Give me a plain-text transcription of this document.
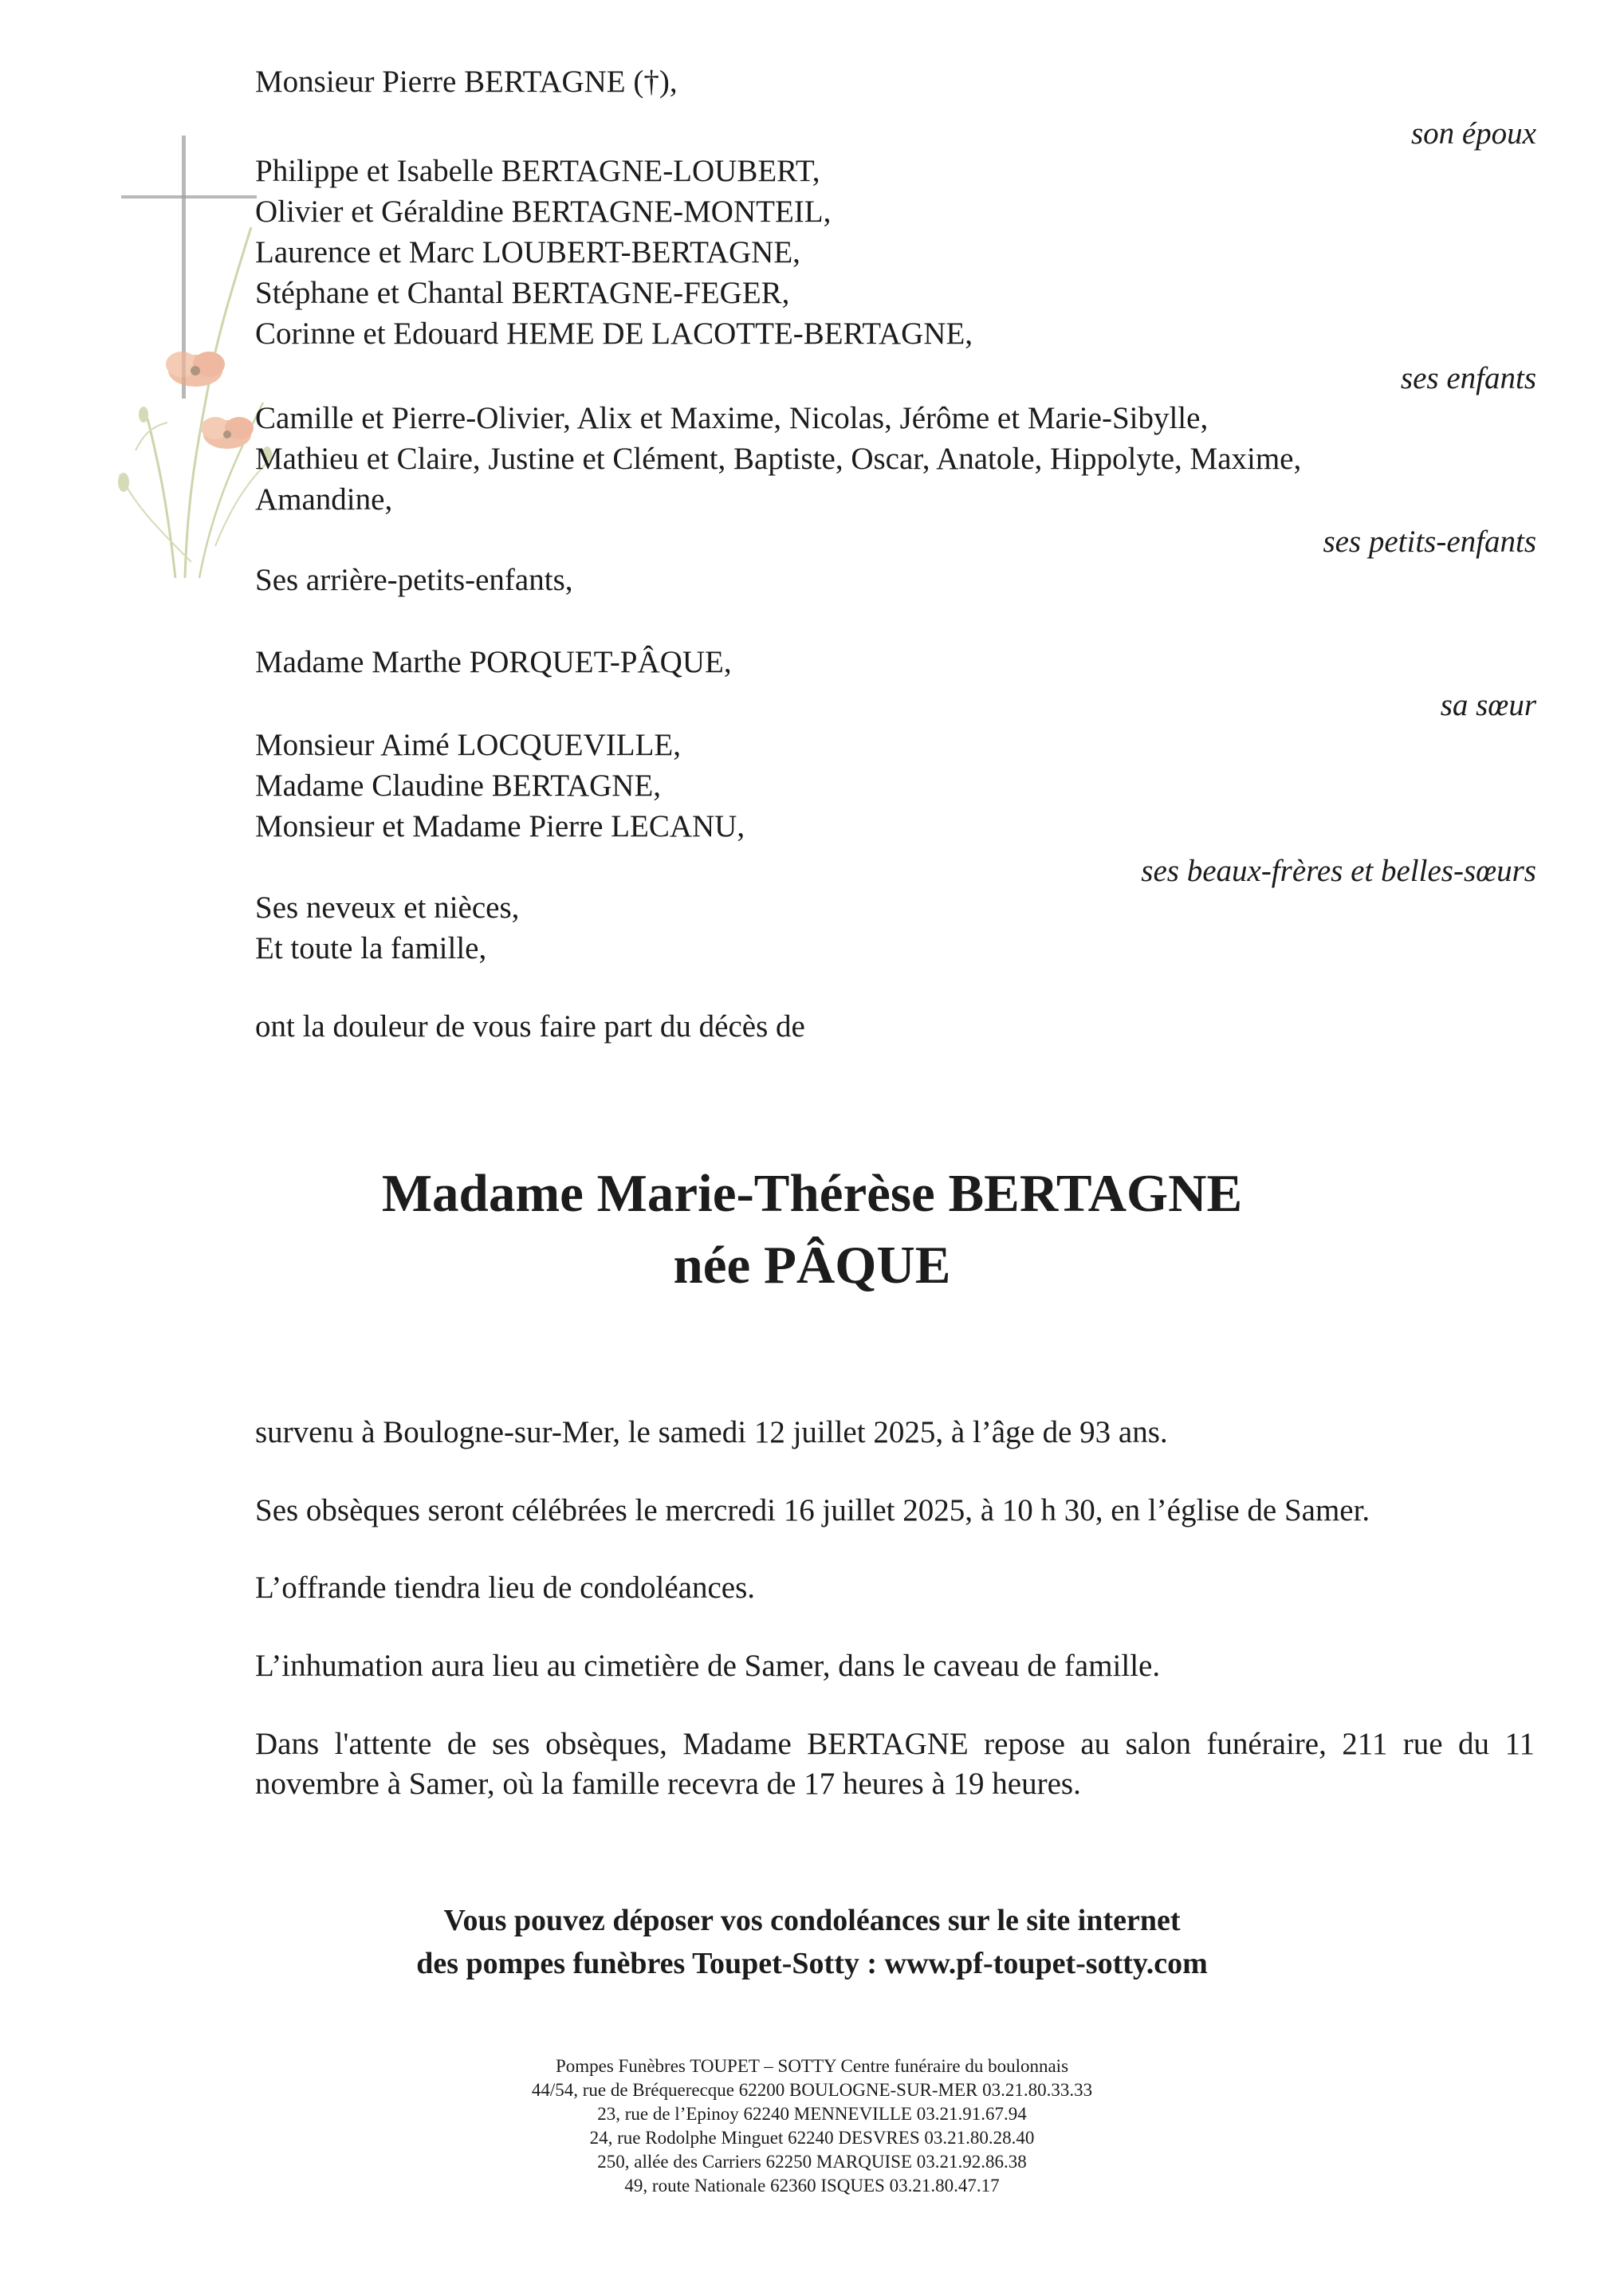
Monsieur Pierre BERTAGNE (†),
son époux
Philippe et Isabelle BERTAGNE-LOUBERT,
Olivier et Géraldine BERTAGNE-MONTEIL,
Laurence et Marc LOUBERT-BERTAGNE,
Stéphane et Chantal BERTAGNE-FEGER,
Corinne et Edouard HEME DE LACOTTE-BERTAGNE,
ses enfants
Camille et Pierre-Olivier, Alix et Maxime, Nicolas, Jérôme et Marie-Sibylle,
Mathieu et Claire, Justine et Clément, Baptiste, Oscar, Anatole, Hippolyte, Maxime,
Amandine,
ses petits-enfants
Ses arrière-petits-enfants,
Madame Marthe PORQUET-PÂQUE,
sa sœur
Monsieur Aimé LOCQUEVILLE,
Madame Claudine BERTAGNE,
Monsieur et Madame Pierre LECANU,
ses beaux-frères et belles-sœurs
Ses neveux et nièces,
Et toute la famille,
ont la douleur de vous faire part du décès de
Madame Marie-Thérèse BERTAGNE
née PÂQUE
survenu à Boulogne-sur-Mer, le samedi 12 juillet 2025, à l’âge de 93 ans.
Ses obsèques seront célébrées le mercredi 16 juillet 2025, à 10 h 30, en l’église de Samer.
L’offrande tiendra lieu de condoléances.
L’inhumation aura lieu au cimetière de Samer, dans le caveau de famille.
Dans l'attente de ses obsèques, Madame BERTAGNE repose au salon funéraire, 211 rue du 11 novembre à Samer, où la famille recevra de 17 heures à 19 heures.
Vous pouvez déposer vos condoléances sur le site internet
des pompes funèbres Toupet-Sotty : www.pf-toupet-sotty.com
Pompes Funèbres TOUPET – SOTTY Centre funéraire du boulonnais
44/54, rue de Bréquerecque 62200 BOULOGNE-SUR-MER 03.21.80.33.33
23, rue de l’Epinoy 62240 MENNEVILLE 03.21.91.67.94
24, rue Rodolphe Minguet 62240 DESVRES 03.21.80.28.40
250, allée des Carriers 62250 MARQUISE 03.21.92.86.38
49, route Nationale 62360 ISQUES 03.21.80.47.17
